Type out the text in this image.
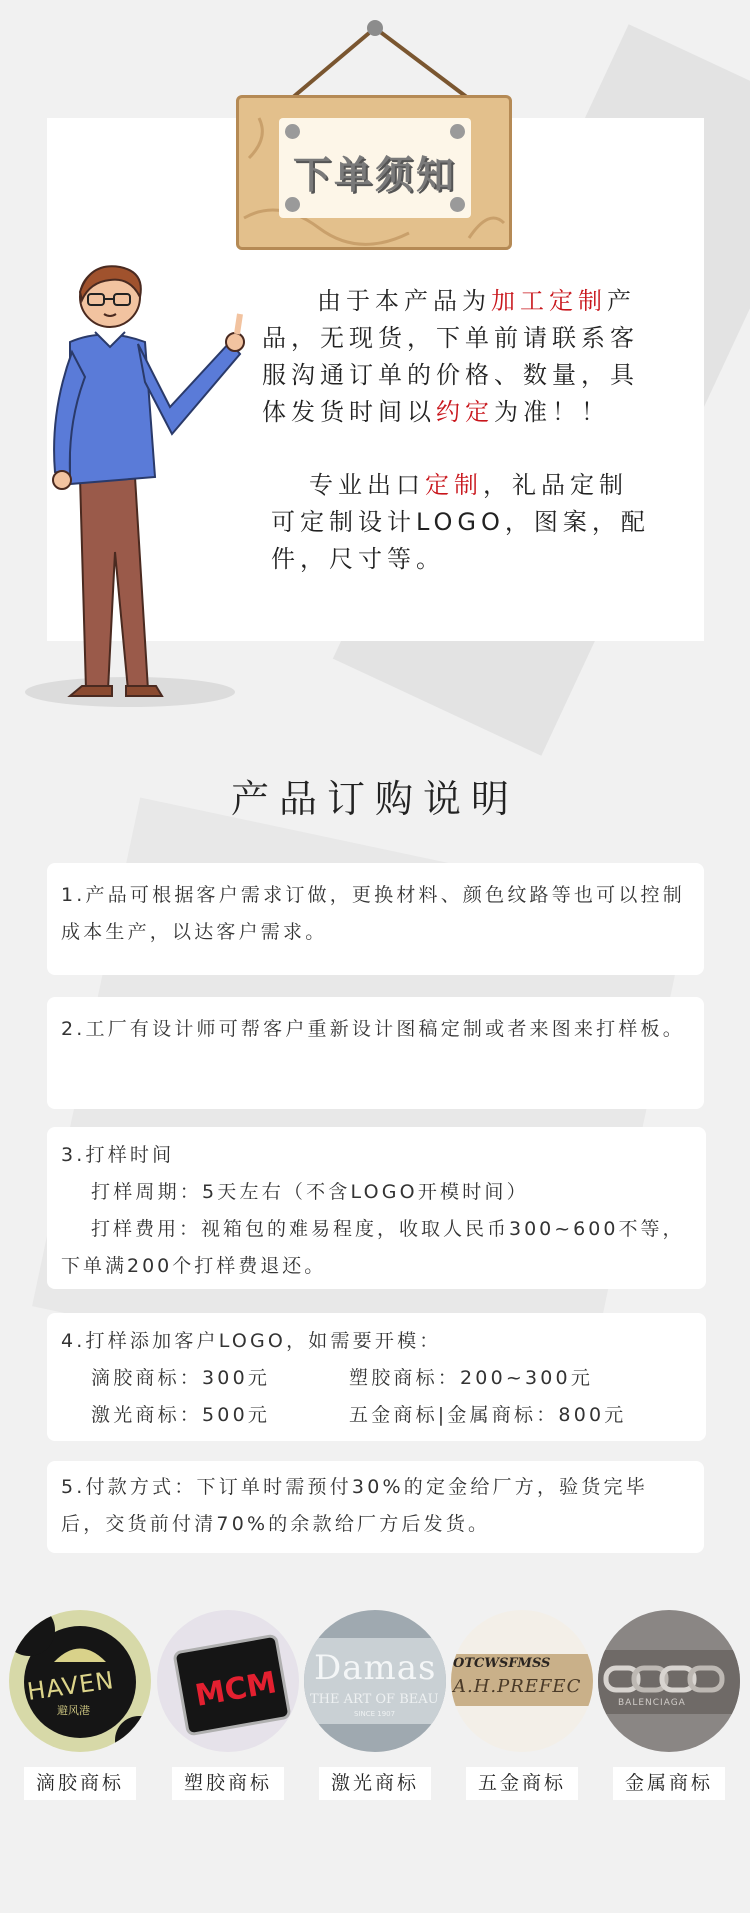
下单须知
由于本产品为加工定制产
品，无现货，下单前请联系客
服沟通订单的价格、数量，具
体发货时间以约定为准！！
专业出口定制，礼品定制
可定制设计LOGO，图案，配
件，尺寸等。
产品订购说明

1.产品可根据客户需求订做，更换材料、颜色纹路等也可以控制成本生产，以达客户需求。

2.工厂有设计师可帮客户重新设计图稿定制或者来图来打样板。

3.打样时间

打样周期：5天左右（不含LOGO开模时间）

打样费用：视箱包的难易程度，收取人民币300~600不等，下单满200个打样费退还。

4.打样添加客户LOGO，如需要开模：

滴胶商标：300元	塑胶商标：200~300元
激光商标：500元	五金商标|金属商标：800元

5.付款方式：下订单时需预付30%的定金给厂方，验货完毕后，交货前付清70%的余款给厂方后发货。

HAVEN
避风港
滴胶商标
MCM
塑胶商标
Damas
THE ART OF BEAU
SINCE 1907
激光商标
OTCWSFMSS
A.H.PREFEC
五金商标
BALENCIAGA
金属商标
